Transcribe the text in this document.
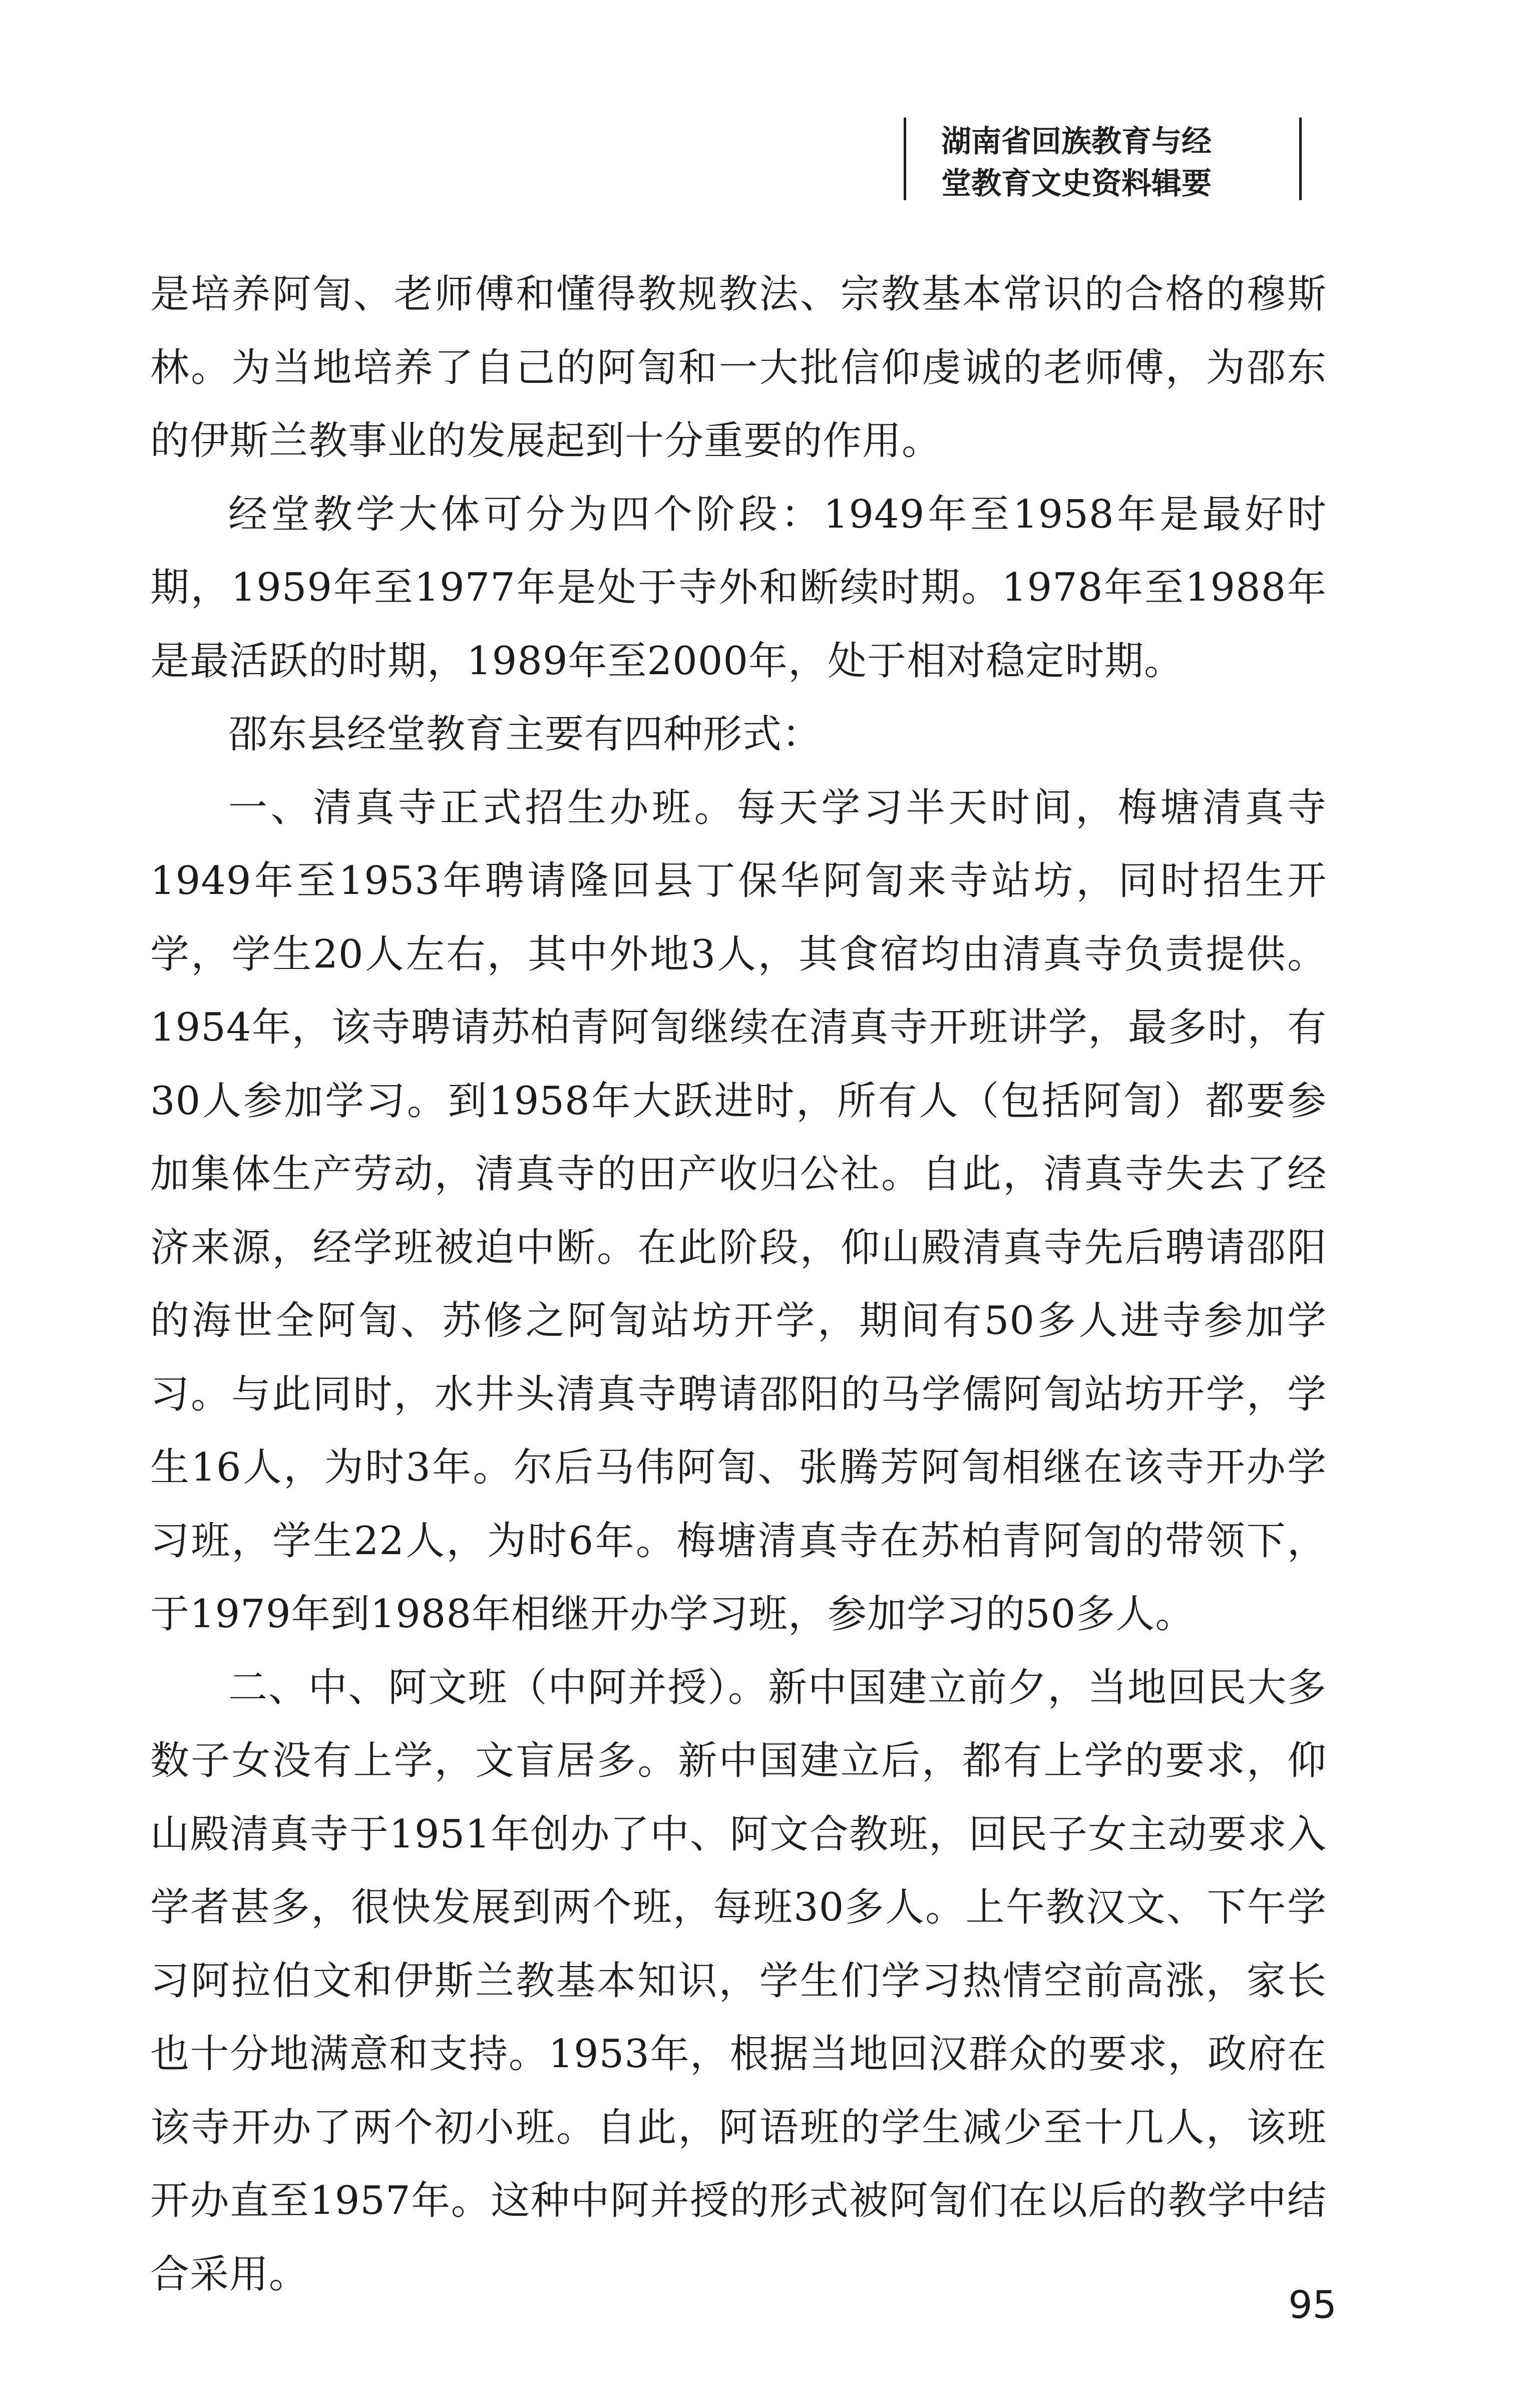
湖南省回族教育与经
堂教育文史资料辑要

是培养阿訇、老师傅和懂得教规教法、宗教基本常识的合格的穆斯林。为当地培养了自己的阿訇和一大批信仰虔诚的老师傅，为邵东的伊斯兰教事业的发展起到十分重要的作用。

经堂教学大体可分为四个阶段：1949年至1958年是最好时期，1959年至1977年是处于寺外和断续时期。1978年至1988年是最活跃的时期，1989年至2000年，处于相对稳定时期。

邵东县经堂教育主要有四种形式：

一、清真寺正式招生办班。每天学习半天时间，梅塘清真寺1949年至1953年聘请隆回县丁保华阿訇来寺站坊，同时招生开学，学生20人左右，其中外地3人，其食宿均由清真寺负责提供。1954年，该寺聘请苏柏青阿訇继续在清真寺开班讲学，最多时，有30人参加学习。到1958年大跃进时，所有人（包括阿訇）都要参加集体生产劳动，清真寺的田产收归公社。自此，清真寺失去了经济来源，经学班被迫中断。在此阶段，仰山殿清真寺先后聘请邵阳的海世全阿訇、苏修之阿訇站坊开学，期间有50多人进寺参加学习。与此同时，水井头清真寺聘请邵阳的马学儒阿訇站坊开学，学生16人，为时3年。尔后马伟阿訇、张腾芳阿訇相继在该寺开办学习班，学生22人，为时6年。梅塘清真寺在苏柏青阿訇的带领下，于1979年到1988年相继开办学习班，参加学习的50多人。

二、中、阿文班（中阿并授）。新中国建立前夕，当地回民大多数子女没有上学，文盲居多。新中国建立后，都有上学的要求，仰山殿清真寺于1951年创办了中、阿文合教班，回民子女主动要求入学者甚多，很快发展到两个班，每班30多人。上午教汉文、下午学习阿拉伯文和伊斯兰教基本知识，学生们学习热情空前高涨，家长也十分地满意和支持。1953年，根据当地回汉群众的要求，政府在该寺开办了两个初小班。自此，阿语班的学生减少至十几人，该班开办直至1957年。这种中阿并授的形式被阿訇们在以后的教学中结合采用。

95
